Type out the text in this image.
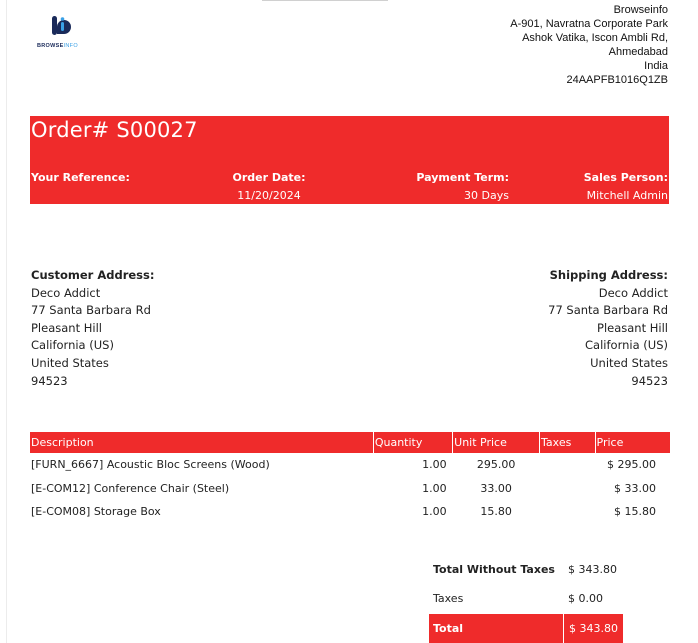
BROWSEINFO
Browseinfo
A-901, Navratna Corporate Park
Ashok Vatika, Iscon Ambli Rd,
Ahmedabad
India
24AAPFB1016Q1ZB
Order# S00027
Your Reference:	Order Date:
11/20/2024 23:28:18
Payment Term:
30 Days
Sales Person:
Mitchell Admin
Customer Address:
Deco Addict
77 Santa Barbara Rd
Pleasant Hill
California (US)
United States
94523
Shipping Address:
Deco Addict
77 Santa Barbara Rd
Pleasant Hill
California (US)
United States
94523
Description	Quantity	Unit Price	Taxes	Price
[FURN_6667] Acoustic Bloc Screens (Wood)	1.00	295.00		$ 295.00
[E-COM12] Conference Chair (Steel)	1.00	33.00		$ 33.00
[E-COM08] Storage Box	1.00	15.80		$ 15.80
Total Without Taxes $ 343.80
Taxes	$ 0.00
Total	$ 343.80
